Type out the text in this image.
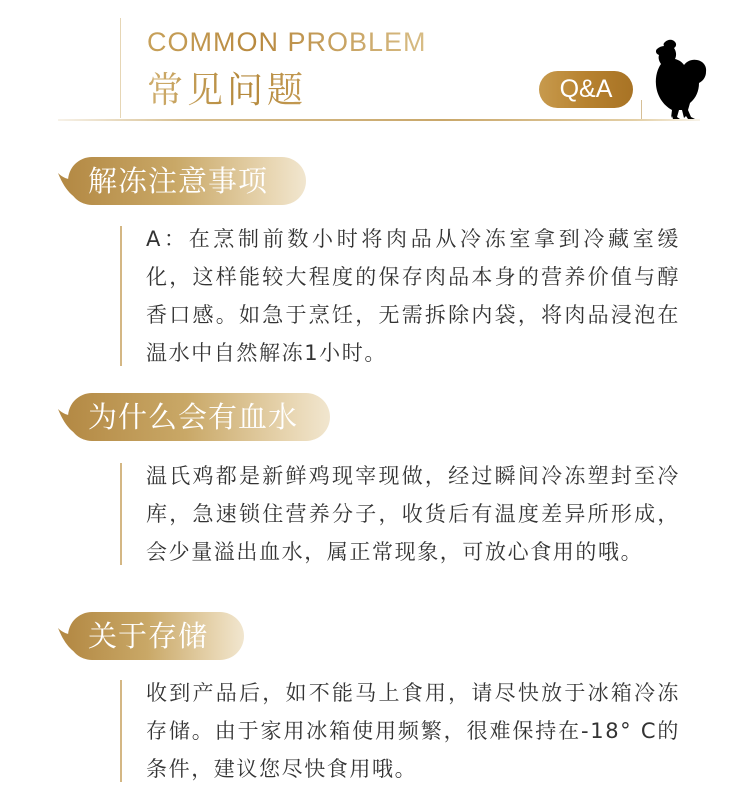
COMMON PROBLEM
常见问题	Q&A
解冻注意事项
A：在烹制前数小时将肉品从冷冻室拿到冷藏室缓化，这样能较大程度的保存肉品本身的营养价值与醇香口感。如急于烹饪，无需拆除内袋，将肉品浸泡在温水中自然解冻1小时。
为什么会有血水
温氏鸡都是新鲜鸡现宰现做，经过瞬间冷冻塑封至冷库，急速锁住营养分子，收货后有温度差异所形成，会少量溢出血水，属正常现象，可放心食用的哦。
关于存储
收到产品后，如不能马上食用，请尽快放于冰箱冷冻存储。由于家用冰箱使用频繁，很难保持在-18° C的条件，建议您尽快食用哦。
